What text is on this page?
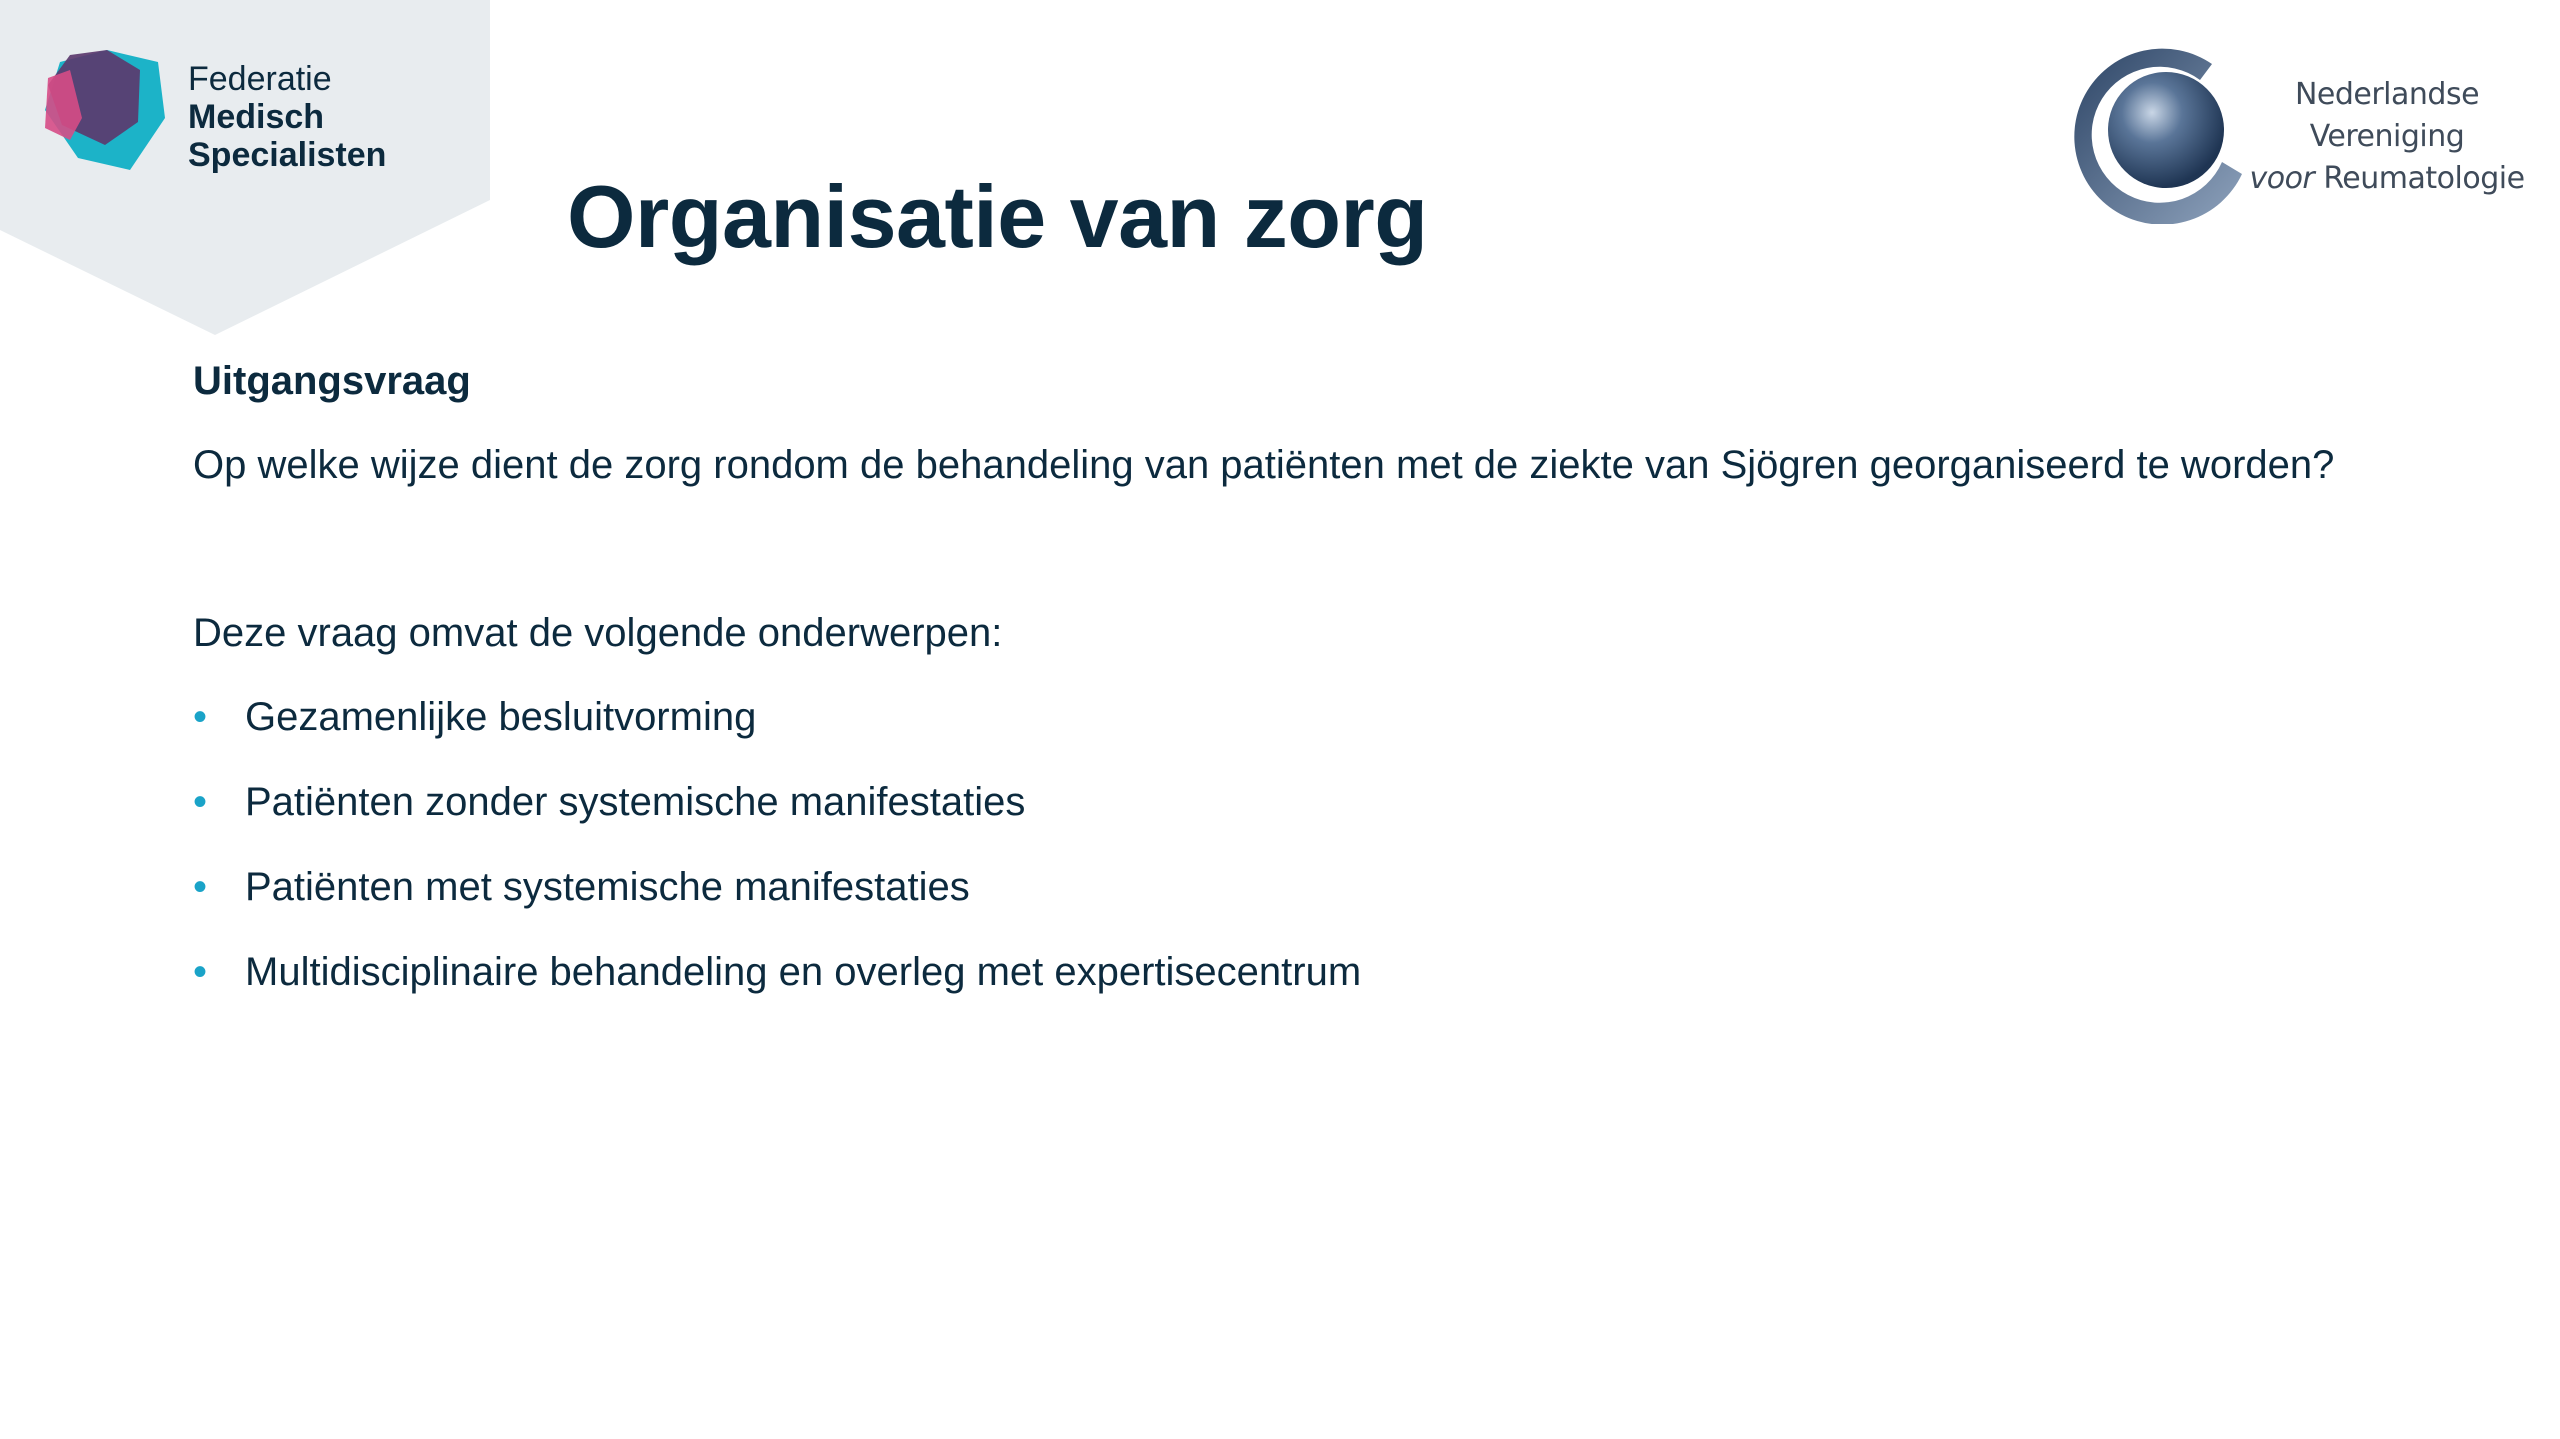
Federatie
Medisch
Specialisten
Nederlandse Vereniging
voor Reumatologie
Organisatie van zorg

Uitgangsvraag

Op welke wijze dient de zorg rondom de behandeling van patiënten met de ziekte van Sjögren georganiseerd te worden?

Deze vraag omvat de volgende onderwerpen:

• Gezamenlijke besluitvorming
• Patiënten zonder systemische manifestaties
• Patiënten met systemische manifestaties
• Multidisciplinaire behandeling en overleg met expertisecentrum
